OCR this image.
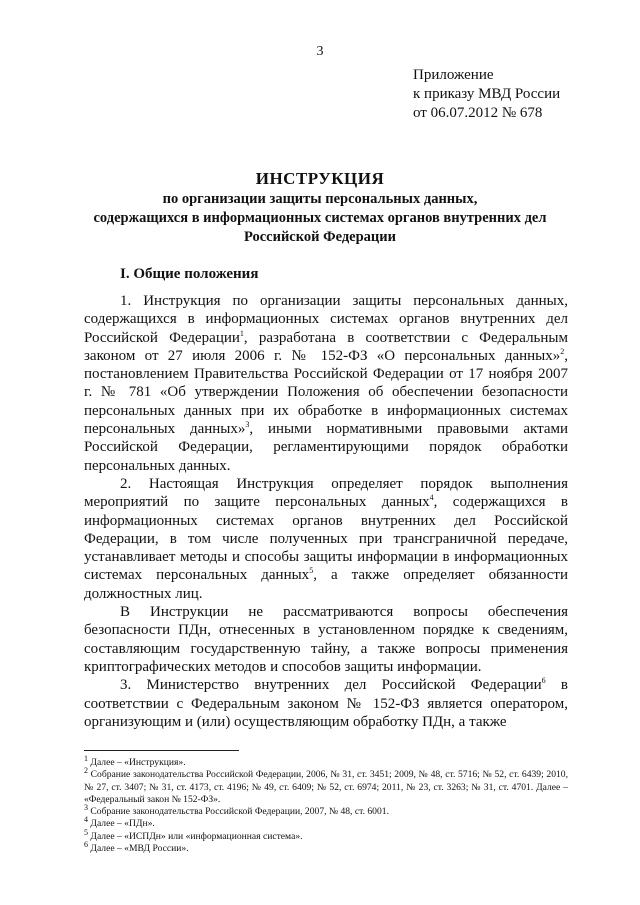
3
Приложение
к приказу МВД России
от 06.07.2012 № 678
ИНСТРУКЦИЯ
по организации защиты персональных данных,
содержащихся в информационных системах органов внутренних дел
Российской Федерации
I. Общие положения

1. Инструкция по организации защиты персональных данных, содержащихся в информационных системах органов внутренних дел Российской Федерации$^1$, разработана в соответствии с Федеральным законом от 27 июля 2006 г. № 152-ФЗ «О персональных данных»$^2$, постановлением Правительства Российской Федерации от 17 ноября 2007 г. № 781 «Об утверждении Положения об обеспечении безопасности персональных данных при их обработке в информационных системах персональных данных»$^3$, иными нормативными правовыми актами Российской Федерации, регламентирующими порядок обработки персональных данных.

2. Настоящая Инструкция определяет порядок выполнения мероприятий по защите персональных данных$^4$, содержащихся в информационных системах органов внутренних дел Российской Федерации, в том числе полученных при трансграничной передаче, устанавливает методы и способы защиты информации в информационных системах персональных данных$^5$, а также определяет обязанности должностных лиц.

В Инструкции не рассматриваются вопросы обеспечения безопасности ПДн, отнесенных в установленном порядке к сведениям, составляющим государственную тайну, а также вопросы применения криптографических методов и способов защиты информации.

3. Министерство внутренних дел Российской Федерации$^6$ в соответствии с Федеральным законом № 152-ФЗ является оператором, организующим и (или) осуществляющим обработку ПДн, а также

$^1$ Далее – «Инструкция».
$^2$ Собрание законодательства Российской Федерации, 2006, № 31, ст. 3451; 2009, № 48, ст. 5716; № 52, ст. 6439; 2010, № 27, ст. 3407; № 31, ст. 4173, ст. 4196; № 49, ст. 6409; № 52, ст. 6974; 2011, № 23, ст. 3263; № 31, ст. 4701. Далее – «Федеральный закон № 152-ФЗ».
$^3$ Собрание законодательства Российской Федерации, 2007, № 48, ст. 6001.
$^4$ Далее – «ПДн».
$^5$ Далее – «ИСПДн» или «информационная система».
$^6$ Далее – «МВД России».
